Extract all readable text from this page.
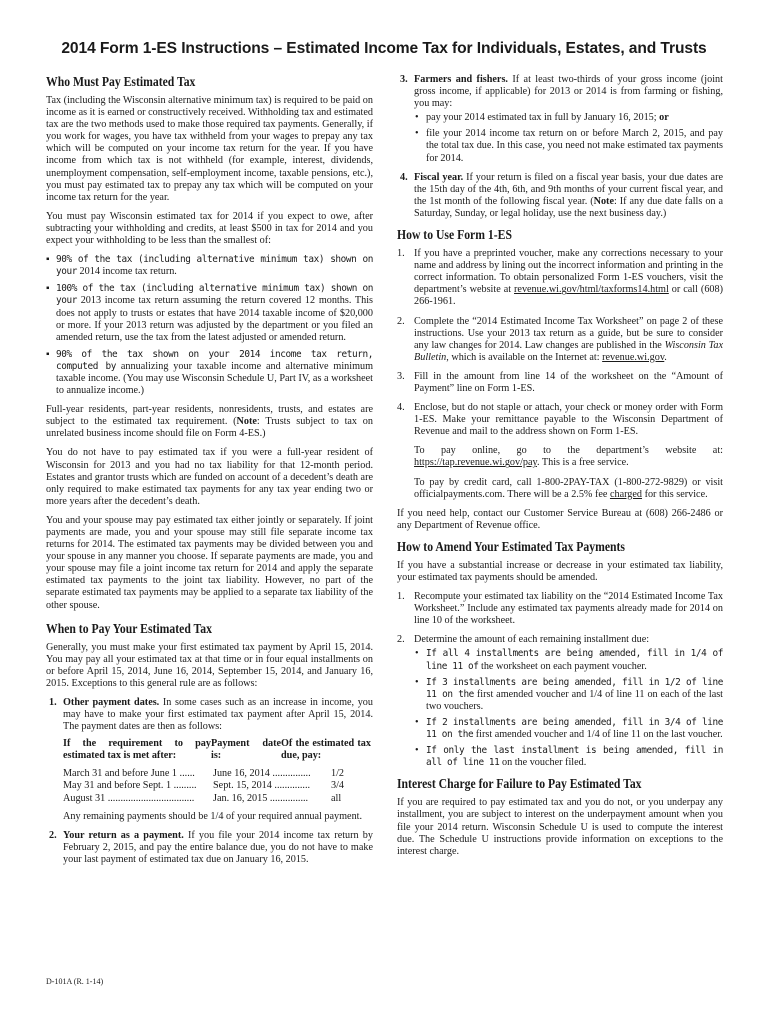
2014 Form 1-ES Instructions – Estimated Income Tax for Individuals, Estates, and Trusts
Who Must Pay Estimated Tax

Tax (including the Wisconsin alternative minimum tax) is required to be paid on income as it is earned or constructively received. Withholding tax and estimated tax are the two methods used to make those required tax payments. Generally, if you work for wages, you have tax withheld from your wages to prepay any tax which will be computed on your income tax return for the year. If you have income from which tax is not withheld (for example, interest, dividends, unemployment compensation, self-employment income, taxable pensions, etc.), you must pay estimated tax to prepay any tax which will be computed on your income tax return for the year.

You must pay Wisconsin estimated tax for 2014 if you expect to owe, after subtracting your withholding and credits, at least $500 in tax for 2014 and you expect your withholding to be less than the smallest of:

▪ 90% of the tax (including alternative minimum tax) shown on your 2014 income tax return.
▪ 100% of the tax (including alternative minimum tax) shown on your 2013 income tax return assuming the return covered 12 months. This does not apply to trusts or estates that have 2014 taxable income of $20,000 or more. If your 2013 return was adjusted by the department or you filed an amended return, use the tax from the latest adjusted or amended return.
▪ 90% of the tax shown on your 2014 income tax return, computed by annualizing your taxable income and alternative minimum taxable income. (You may use Wisconsin Schedule U, Part IV, as a worksheet to annualize income.)

Full-year residents, part-year residents, nonresidents, trusts, and estates are subject to the estimated tax requirement. (Note: Trusts subject to tax on unrelated business income should file on Form 4-ES.)

You do not have to pay estimated tax if you were a full-year resident of Wisconsin for 2013 and you had no tax liability for that 12-month period. Estates and grantor trusts which are funded on account of a decedent’s death are only required to make estimated tax payments for any tax year ending two or more years after the decedent’s death.

You and your spouse may pay estimated tax either jointly or separately. If joint payments are made, you and your spouse may still file separate income tax returns for 2014. The estimated tax payments may be divided between you and your spouse in any manner you choose. If separate payments are made, you and your spouse may file a joint income tax return for 2014 and apply the separate estimated tax payments to the joint tax liability. However, no part of the separate estimated tax payments may be applied to a separate tax liability of the other spouse.

When to Pay Your Estimated Tax

Generally, you must make your first estimated tax payment by April 15, 2014. You may pay all your estimated tax at that time or in four equal installments on or before April 15, 2014, June 16, 2014, September 15, 2014, and January 16, 2015. Exceptions to this general rule are as follows:

1. Other payment dates. In some cases such as an increase in income, you may have to make your first estimated tax payment after April 15, 2014. The payment dates are then as follows:
If the requirement to pay estimated tax is met after:
Payment date is:
Of the estimated tax due, pay:
March 31 and before June 1 ......	June 16, 2014 ...............	1/2
May 31 and before Sept. 1 .........	Sept. 15, 2014 ..............	3/4
August 31 ..................................	Jan. 16, 2015 ...............	all
Any remaining payments should be 1/4 of your required annual payment.
2. Your return as a payment. If you file your 2014 income tax return by February 2, 2015, and pay the entire balance due, you do not have to make your last payment of estimated tax due on January 16, 2015.
3. Farmers and fishers. If at least two-thirds of your gross income (joint gross income, if applicable) for 2013 or 2014 is from farming or fishing, you may:
• pay your 2014 estimated tax in full by January 16, 2015; or
• file your 2014 income tax return on or before March 2, 2015, and pay the total tax due. In this case, you need not make estimated tax payments for 2014.
4. Fiscal year. If your return is filed on a fiscal year basis, your due dates are the 15th day of the 4th, 6th, and 9th months of your current fiscal year, and the 1st month of the following fiscal year. (Note: If any due date falls on a Saturday, Sunday, or legal holiday, use the next business day.)
How to Use Form 1-ES
1. If you have a preprinted voucher, make any corrections necessary to your name and address by lining out the incorrect information and printing in the correct information. To obtain personalized Form 1-ES vouchers, visit the department’s website at revenue.wi.gov/html/taxforms14.html or call (608) 266-1961.
2. Complete the “2014 Estimated Income Tax Worksheet” on page 2 of these instructions. Use your 2013 tax return as a guide, but be sure to consider any law changes for 2014. Law changes are published in the Wisconsin Tax Bulletin, which is available on the Internet at: revenue.wi.gov.
3. Fill in the amount from line 14 of the worksheet on the “Amount of Payment” line on Form 1-ES.
4. Enclose, but do not staple or attach, your check or money order with Form 1-ES. Make your remittance payable to the Wisconsin Department of Revenue and mail to the address shown on Form 1-ES.
To pay online, go to the department’s website at: https://tap.revenue.wi.gov/pay. This is a free service.
To pay by credit card, call 1-800-2PAY-TAX (1-800-272-9829) or visit officialpayments.com. There will be a 2.5% fee charged for this service.

If you need help, contact our Customer Service Bureau at (608) 266-2486 or any Department of Revenue office.

How to Amend Your Estimated Tax Payments

If you have a substantial increase or decrease in your estimated tax liability, your estimated tax payments should be amended.

1. Recompute your estimated tax liability on the “2014 Estimated Income Tax Worksheet.” Include any estimated tax payments already made for 2014 on line 10 of the worksheet.
2. Determine the amount of each remaining installment due:
• If all 4 installments are being amended, fill in 1/4 of line 11 of the worksheet on each payment voucher.
• If 3 installments are being amended, fill in 1/2 of line 11 on the first amended voucher and 1/4 of line 11 on each of the last two vouchers.
• If 2 installments are being amended, fill in 3/4 of line 11 on the first amended voucher and 1/4 of line 11 on the last voucher.
• If only the last installment is being amended, fill in all of line 11 on the voucher filed.
Interest Charge for Failure to Pay Estimated Tax

If you are required to pay estimated tax and you do not, or you underpay any installment, you are subject to interest on the underpayment amount when you file your 2014 return. Wisconsin Schedule U is used to compute the interest due. The Schedule U instructions provide information on exceptions to the interest charge.

D-101A (R. 1-14)
